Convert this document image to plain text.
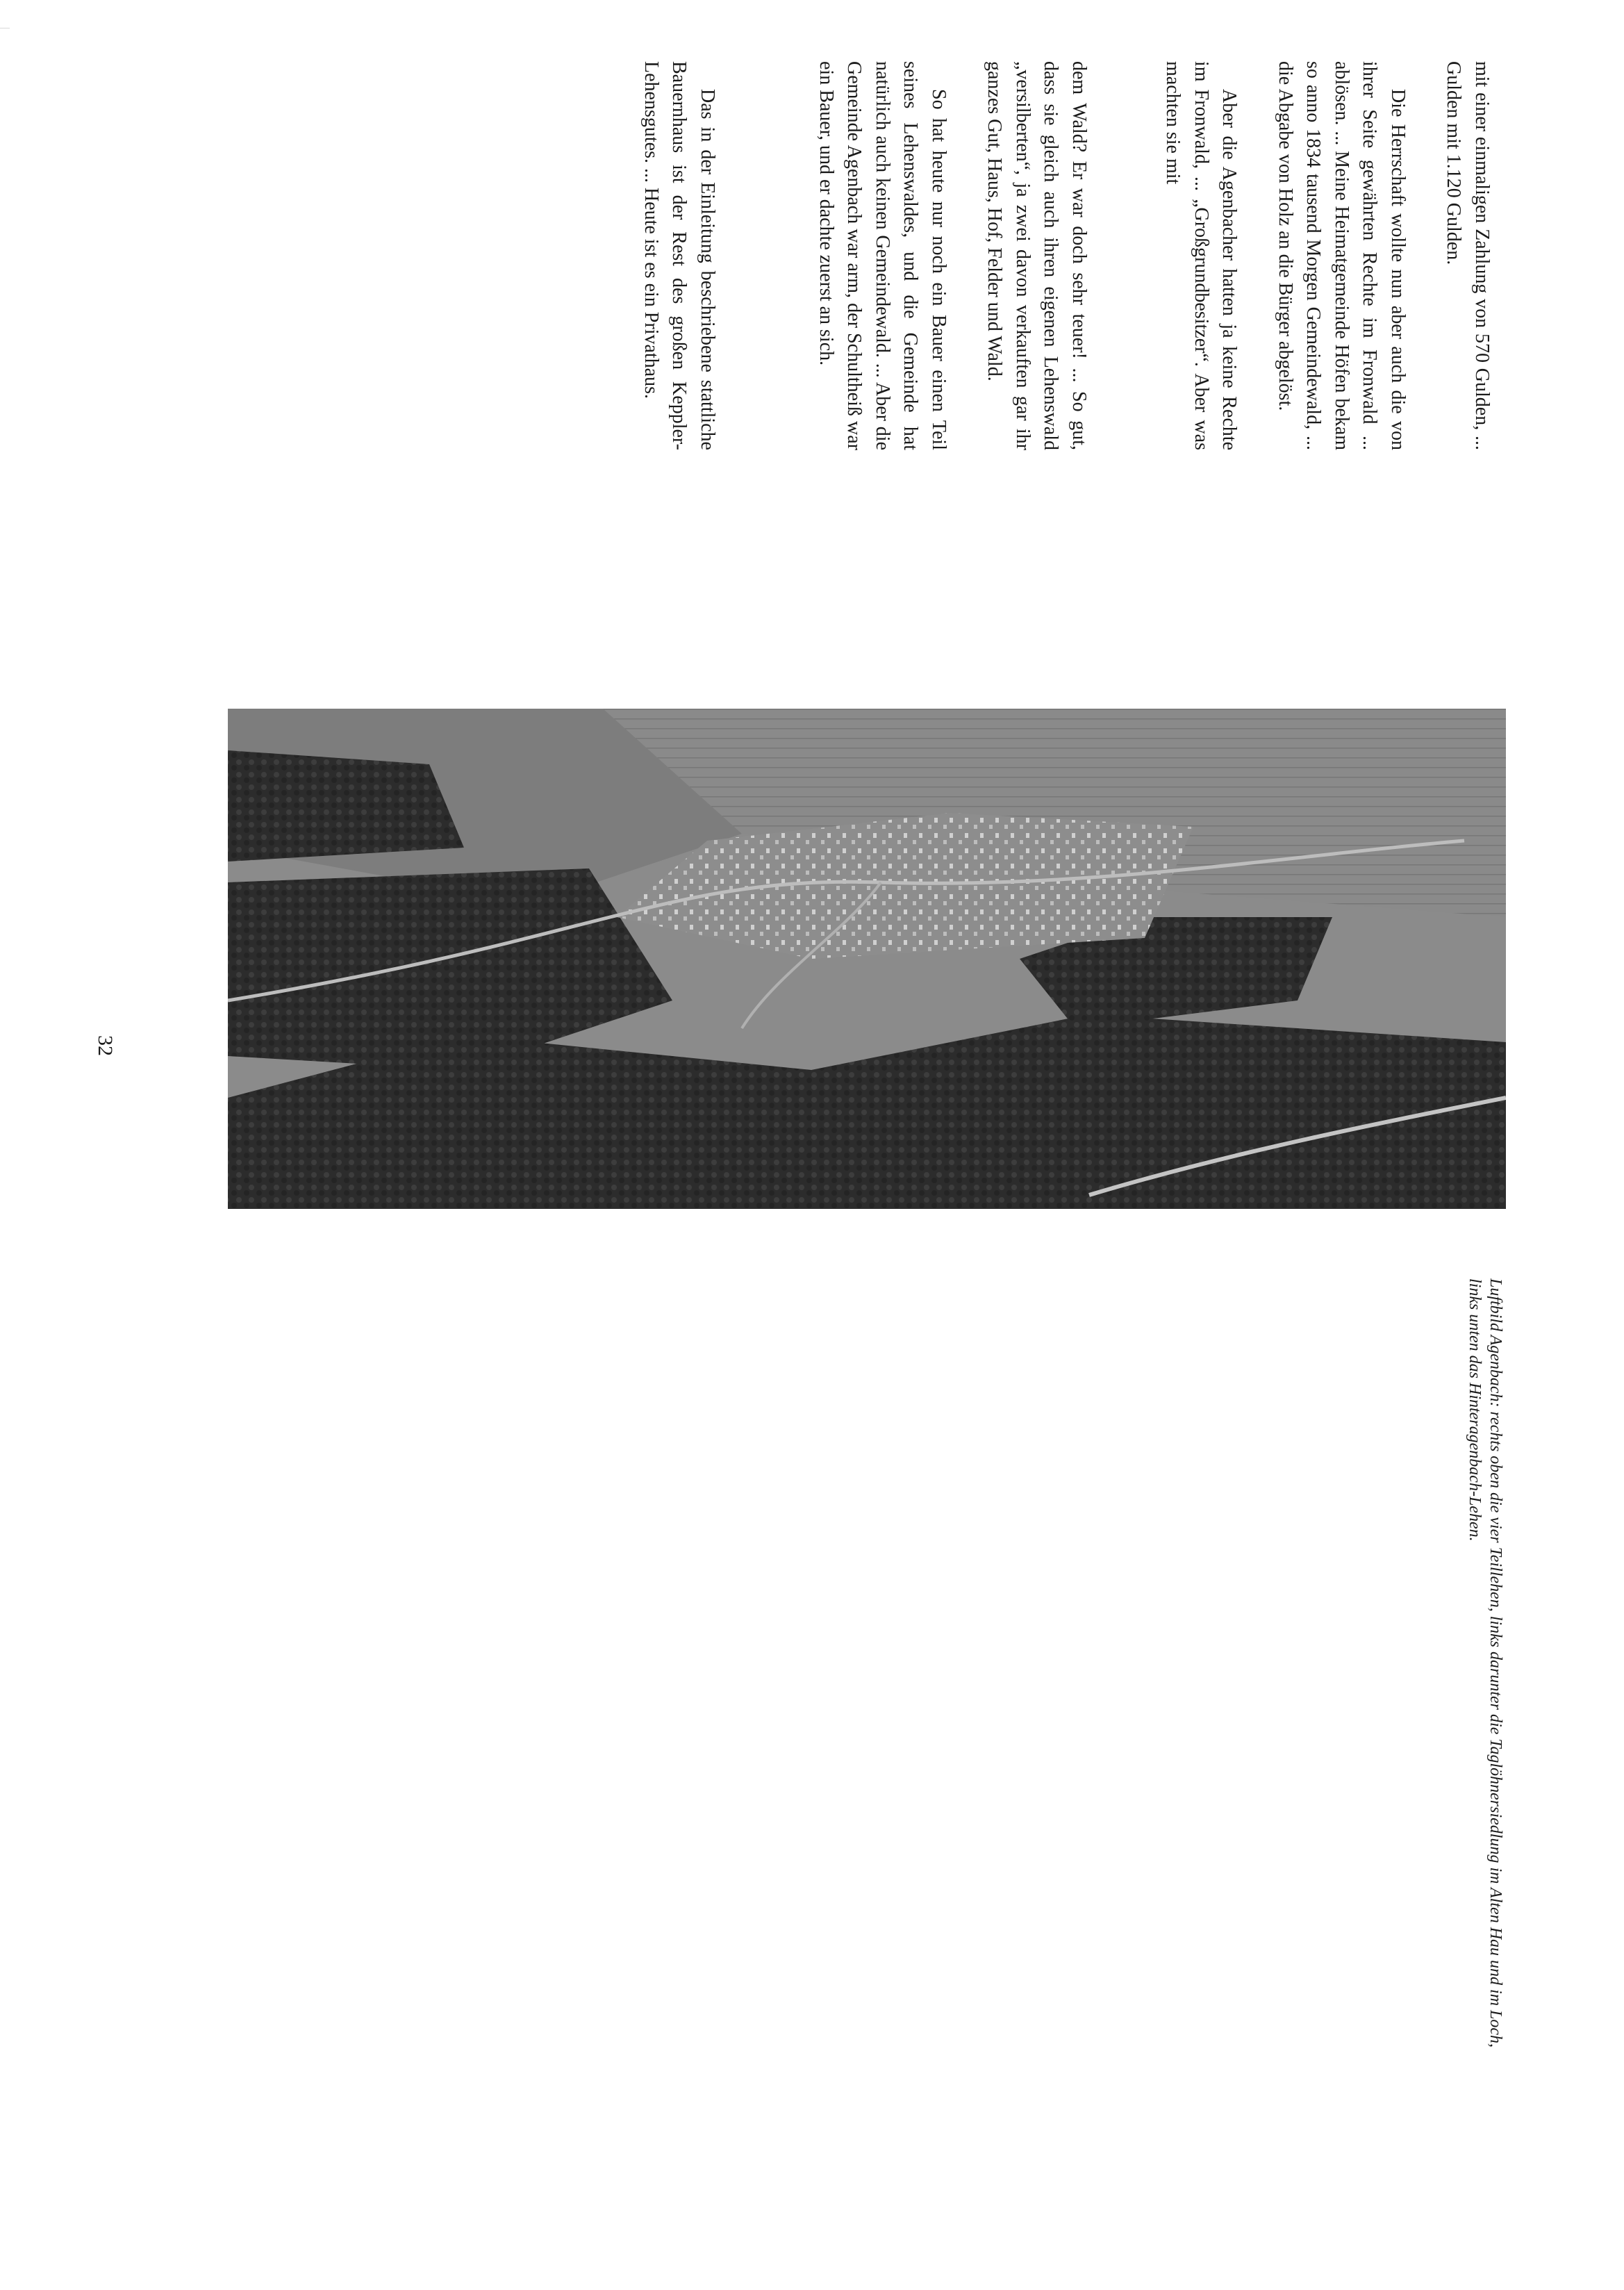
mit einer einmaligen Zahlung von 570 Gulden, ... Gulden mit 1.120 Gulden.

Die Herrschaft wollte nun aber auch die von ihrer Seite gewährten Rechte im Fronwald ... ablösen. ... Meine Heimatgemeinde Höfen bekam so anno 1834 tausend Morgen Gemeindewald, ... die Abgabe von Holz an die Bürger abgelöst.

Aber die Agenbacher hatten ja keine Rechte im Fronwald, ... „Großgrundbesitzer“. Aber was machten sie mit

dem Wald? Er war doch sehr teuer! ... So gut, dass sie gleich auch ihren eigenen Lehenswald „versilberten“, ja zwei davon verkauften gar ihr ganzes Gut, Haus, Hof, Felder und Wald.

So hat heute nur noch ein Bauer einen Teil seines Lehenswaldes, und die Gemeinde hat natürlich auch keinen Gemeindewald. ... Aber die Gemeinde Agenbach war arm, der Schultheiß war ein Bauer, und er dachte zuerst an sich.

Das in der Einleitung beschriebene stattliche Bauernhaus ist der Rest des großen Keppler-Lehensgutes. ... Heute ist es ein Privathaus.

Luftbild Agenbach: rechts oben die vier Teillehen, links darunter die Taglöhnersiedlung im Alten Hau und im Loch,
links unten das Hinteragenbach-Lehen.
32
